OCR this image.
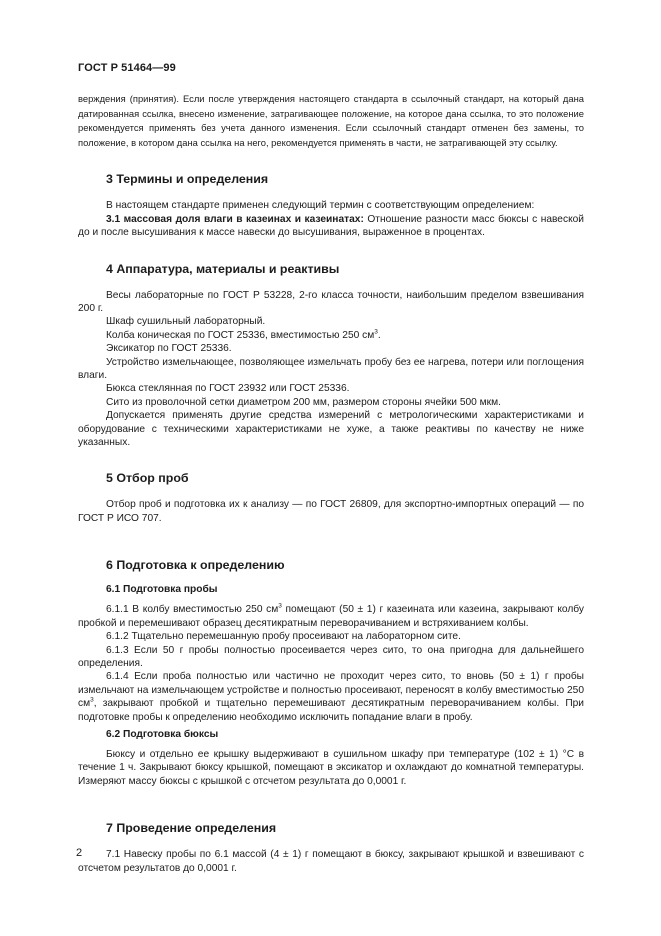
ГОСТ Р 51464—99

верждения (принятия). Если после утверждения настоящего стандарта в ссылочный стандарт, на который дана датированная ссылка, внесено изменение, затрагивающее положение, на которое дана ссылка, то это положение рекомендуется применять без учета данного изменения. Если ссылочный стандарт отменен без замены, то положение, в котором дана ссылка на него, рекомендуется применять в части, не затрагивающей эту ссылку.

3 Термины и определения

В настоящем стандарте применен следующий термин с соответствующим определением:

3.1 массовая доля влаги в казеинах и казеинатах: Отношение разности масс бюксы с навеской до и после высушивания к массе навески до высушивания, выраженное в процентах.

4 Аппаратура, материалы и реактивы

Весы лабораторные по ГОСТ Р 53228, 2-го класса точности, наибольшим пределом взвешивания 200 г.

Шкаф сушильный лабораторный.

Колба коническая по ГОСТ 25336, вместимостью 250 $см^3$.

Эксикатор по ГОСТ 25336.

Устройство измельчающее, позволяющее измельчать пробу без ее нагрева, потери или поглощения влаги.

Бюкса стеклянная по ГОСТ 23932 или ГОСТ 25336.

Сито из проволочной сетки диаметром 200 мм, размером стороны ячейки 500 мкм.

Допускается применять другие средства измерений с метрологическими характеристиками и оборудование с техническими характеристиками не хуже, а также реактивы по качеству не ниже указанных.

5 Отбор проб

Отбор проб и подготовка их к анализу — по ГОСТ 26809, для экспортно-импортных операций — по ГОСТ Р ИСО 707.

6 Подготовка к определению
6.1 Подготовка пробы

6.1.1 В колбу вместимостью 250 $см^3$ помещают (50 ± 1) г казеината или казеина, закрывают колбу пробкой и перемешивают образец десятикратным переворачиванием и встряхиванием колбы.

6.1.2 Тщательно перемешанную пробу просеивают на лабораторном сите.

6.1.3 Если 50 г пробы полностью просеивается через сито, то она пригодна для дальнейшего определения.

6.1.4 Если проба полностью или частично не проходит через сито, то вновь (50 ± 1) г пробы измельчают на измельчающем устройстве и полностью просеивают, переносят в колбу вместимостью 250 $см^3$, закрывают пробкой и тщательно перемешивают десятикратным переворачиванием колбы. При подготовке пробы к определению необходимо исключить попадание влаги в пробу.

6.2 Подготовка бюксы

Бюксу и отдельно ее крышку выдерживают в сушильном шкафу при температуре (102 ± 1) °С в течение 1 ч. Закрывают бюксу крышкой, помещают в эксикатор и охлаждают до комнатной температуры. Измеряют массу бюксы с крышкой с отсчетом результата до 0,0001 г.

7 Проведение определения

7.1 Навеску пробы по 6.1 массой (4 ± 1) г помещают в бюксу, закрывают крышкой и взвешивают с отсчетом результатов до 0,0001 г.

2
